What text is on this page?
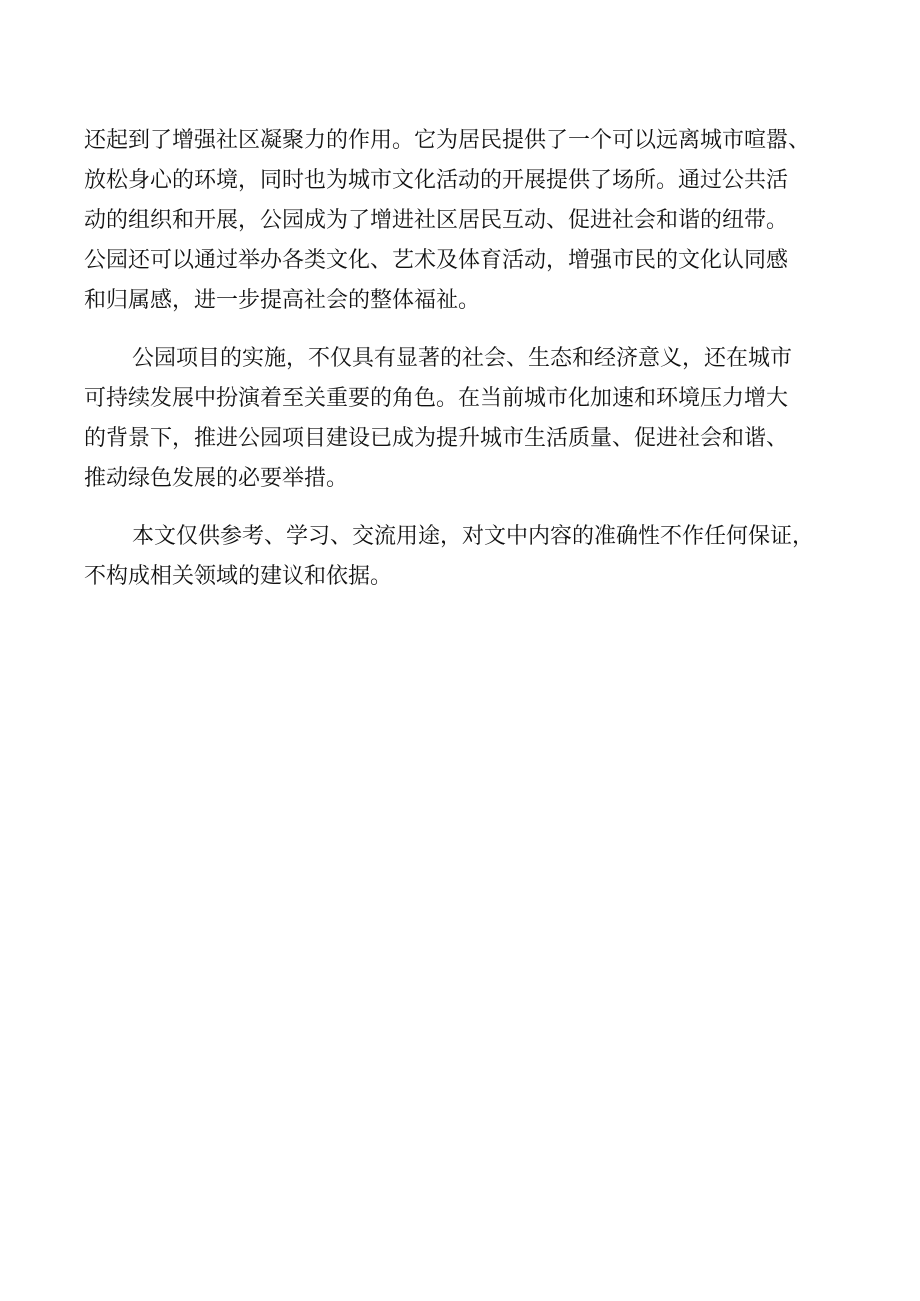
还起到了增强社区凝聚力的作用。它为居民提供了一个可以远离城市喧嚣、
放松身心的环境，同时也为城市文化活动的开展提供了场所。通过公共活
动的组织和开展，公园成为了增进社区居民互动、促进社会和谐的纽带。
公园还可以通过举办各类文化、艺术及体育活动，增强市民的文化认同感
和归属感，进一步提高社会的整体福祉。
公园项目的实施，不仅具有显著的社会、生态和经济意义，还在城市
可持续发展中扮演着至关重要的角色。在当前城市化加速和环境压力增大
的背景下，推进公园项目建设已成为提升城市生活质量、促进社会和谐、
推动绿色发展的必要举措。
本文仅供参考、学习、交流用途，对文中内容的准确性不作任何保证，
不构成相关领域的建议和依据。
